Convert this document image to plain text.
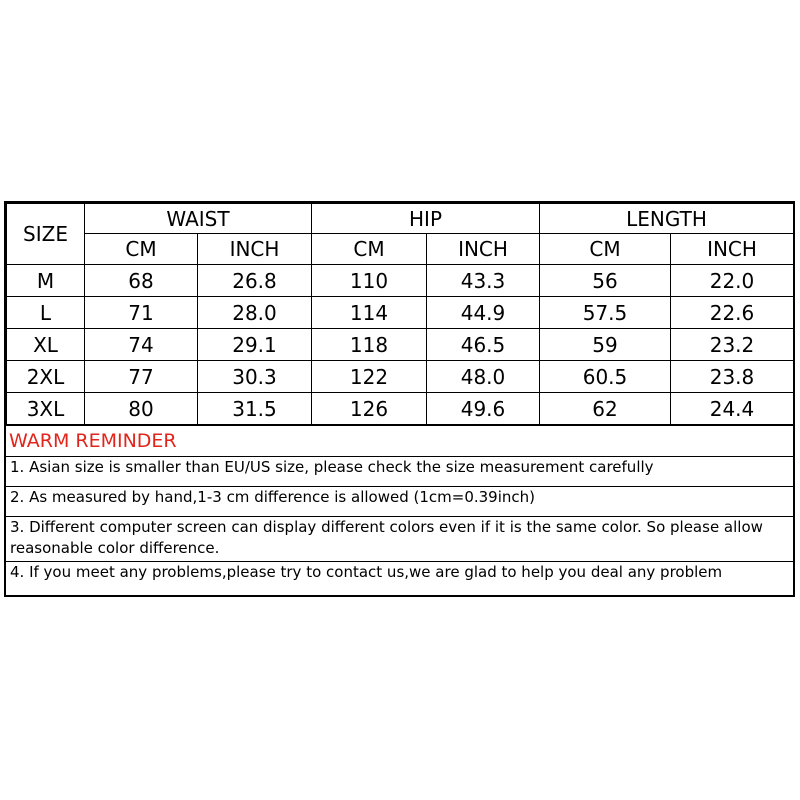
SIZE	WAIST		HIP		LENGTH	
	CM	INCH	CM	INCH	CM	INCH
M	68	26.8	110	43.3	56	22.0
L	71	28.0	114	44.9	57.5	22.6
XL	74	29.1	118	46.5	59	23.2
2XL	77	30.3	122	48.0	60.5	23.8
3XL	80	31.5	126	49.6	62	24.4
WARM REMINDER
1. Asian size is smaller than EU/US size, please check the size measurement carefully
2. As measured by hand,1-3 cm difference is allowed (1cm=0.39inch)
3. Different computer screen can display different colors even if it is the same color. So please allow
reasonable color difference.
4. If you meet any problems,please try to contact us,we are glad to help you deal any problem
